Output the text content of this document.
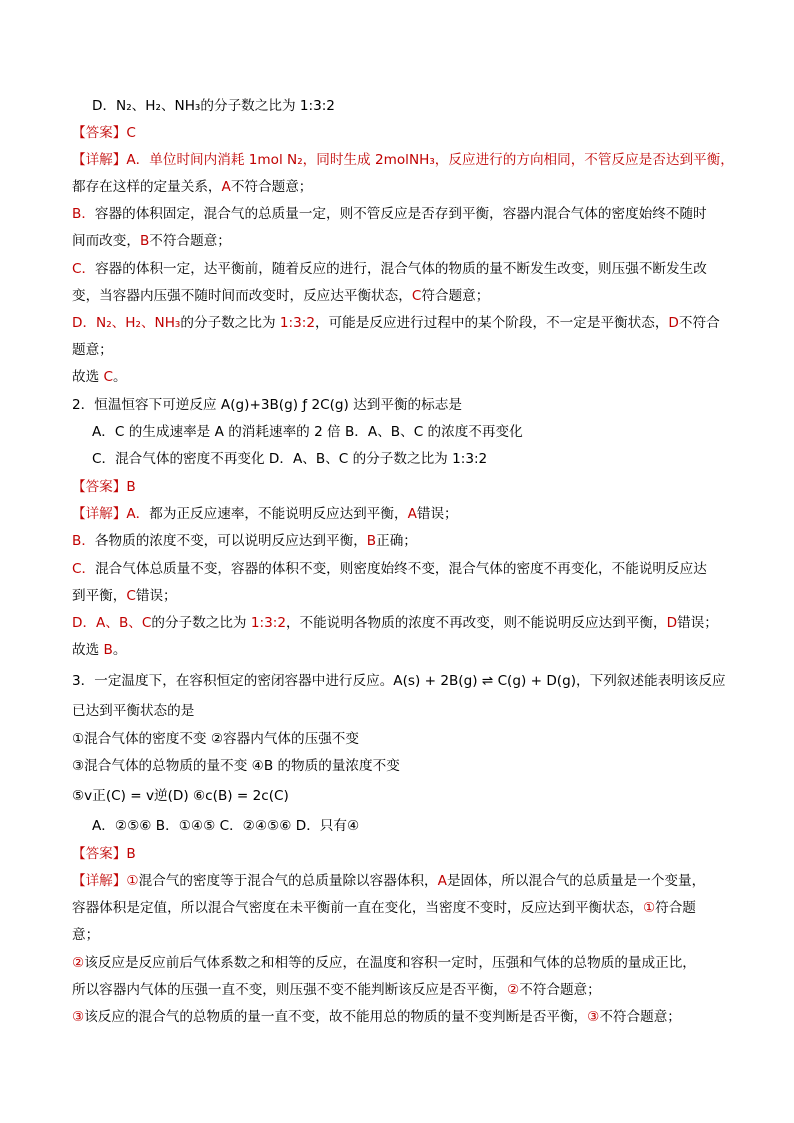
D．N₂、H₂、NH₃的分子数之比为 1:3:2
【答案】C
【详解】A．单位时间内消耗 1mol N₂，同时生成 2molNH₃，反应进行的方向相同，不管反应是否达到平衡，
都存在这样的定量关系，A不符合题意；
B．容器的体积固定，混合气的总质量一定，则不管反应是否存到平衡，容器内混合气体的密度始终不随时
间而改变，B不符合题意；
C．容器的体积一定，达平衡前，随着反应的进行，混合气体的物质的量不断发生改变，则压强不断发生改
变，当容器内压强不随时间而改变时，反应达平衡状态，C符合题意；
D．N₂、H₂、NH₃的分子数之比为 1:3:2，可能是反应进行过程中的某个阶段，不一定是平衡状态，D不符合
题意；
故选 C。
2．恒温恒容下可逆反应 A(g)+3B(g) ƒ 2C(g) 达到平衡的标志是
A．C 的生成速率是 A 的消耗速率的 2 倍 B．A、B、C 的浓度不再变化
C．混合气体的密度不再变化 D．A、B、C 的分子数之比为 1:3:2
【答案】B
【详解】A．都为正反应速率，不能说明反应达到平衡，A错误；
B．各物质的浓度不变，可以说明反应达到平衡，B正确；
C．混合气体总质量不变，容器的体积不变，则密度始终不变，混合气体的密度不再变化，不能说明反应达
到平衡，C错误；
D．A、B、C的分子数之比为 1:3:2，不能说明各物质的浓度不再改变，则不能说明反应达到平衡，D错误；
故选 B。
3．一定温度下，在容积恒定的密闭容器中进行反应。A(s) + 2B(g) ⇌ C(g) + D(g)，下列叙述能表明该反应
已达到平衡状态的是
①混合气体的密度不变 ②容器内气体的压强不变
③混合气体的总物质的量不变 ④B 的物质的量浓度不变
⑤v正(C) = v逆(D) ⑥c(B) = 2c(C)
A．②⑤⑥ B．①④⑤ C．②④⑤⑥ D．只有④
【答案】B
【详解】①混合气的密度等于混合气的总质量除以容器体积，A是固体，所以混合气的总质量是一个变量，
容器体积是定值，所以混合气密度在未平衡前一直在变化，当密度不变时，反应达到平衡状态，①符合题
意；
②该反应是反应前后气体系数之和相等的反应，在温度和容积一定时，压强和气体的总物质的量成正比，
所以容器内气体的压强一直不变，则压强不变不能判断该反应是否平衡，②不符合题意；
③该反应的混合气的总物质的量一直不变，故不能用总的物质的量不变判断是否平衡，③不符合题意；
